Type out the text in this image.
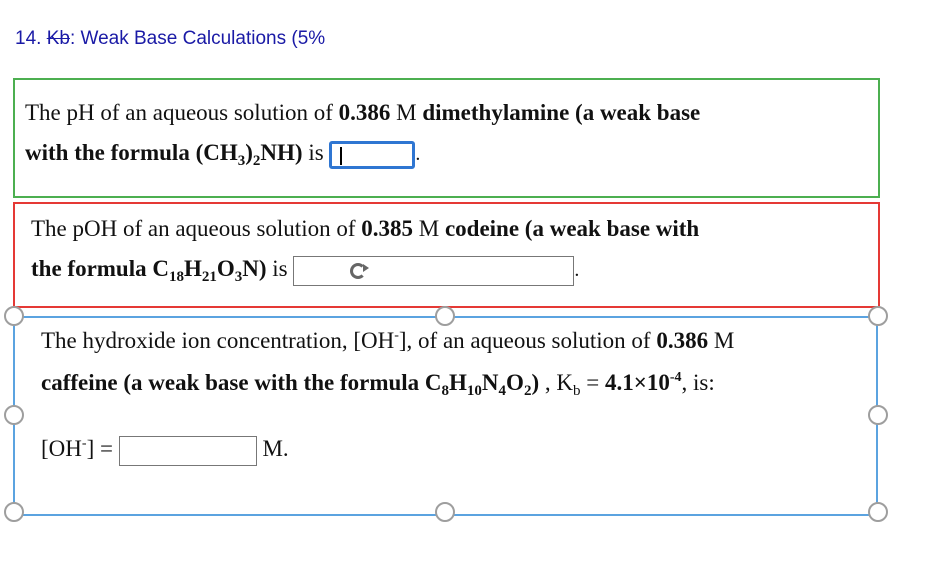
14. Kb: Weak Base Calculations (5%
The pH of an aqueous solution of 0.386 M dimethylamine (a weak base
with the formula $(CH_3)_2NH$) is	.
The pOH of an aqueous solution of 0.385 M codeine (a weak base with
the formula $C_{18}H_{21}O_3N$) is	.
The hydroxide ion concentration, [OH-], of an aqueous solution of 0.386 M
caffeine (a weak base with the formula $C_8H_{10}N_4O_2$) , $K_b = 4.1\times 10^{-4}$, is:
[OH-] =	M.
